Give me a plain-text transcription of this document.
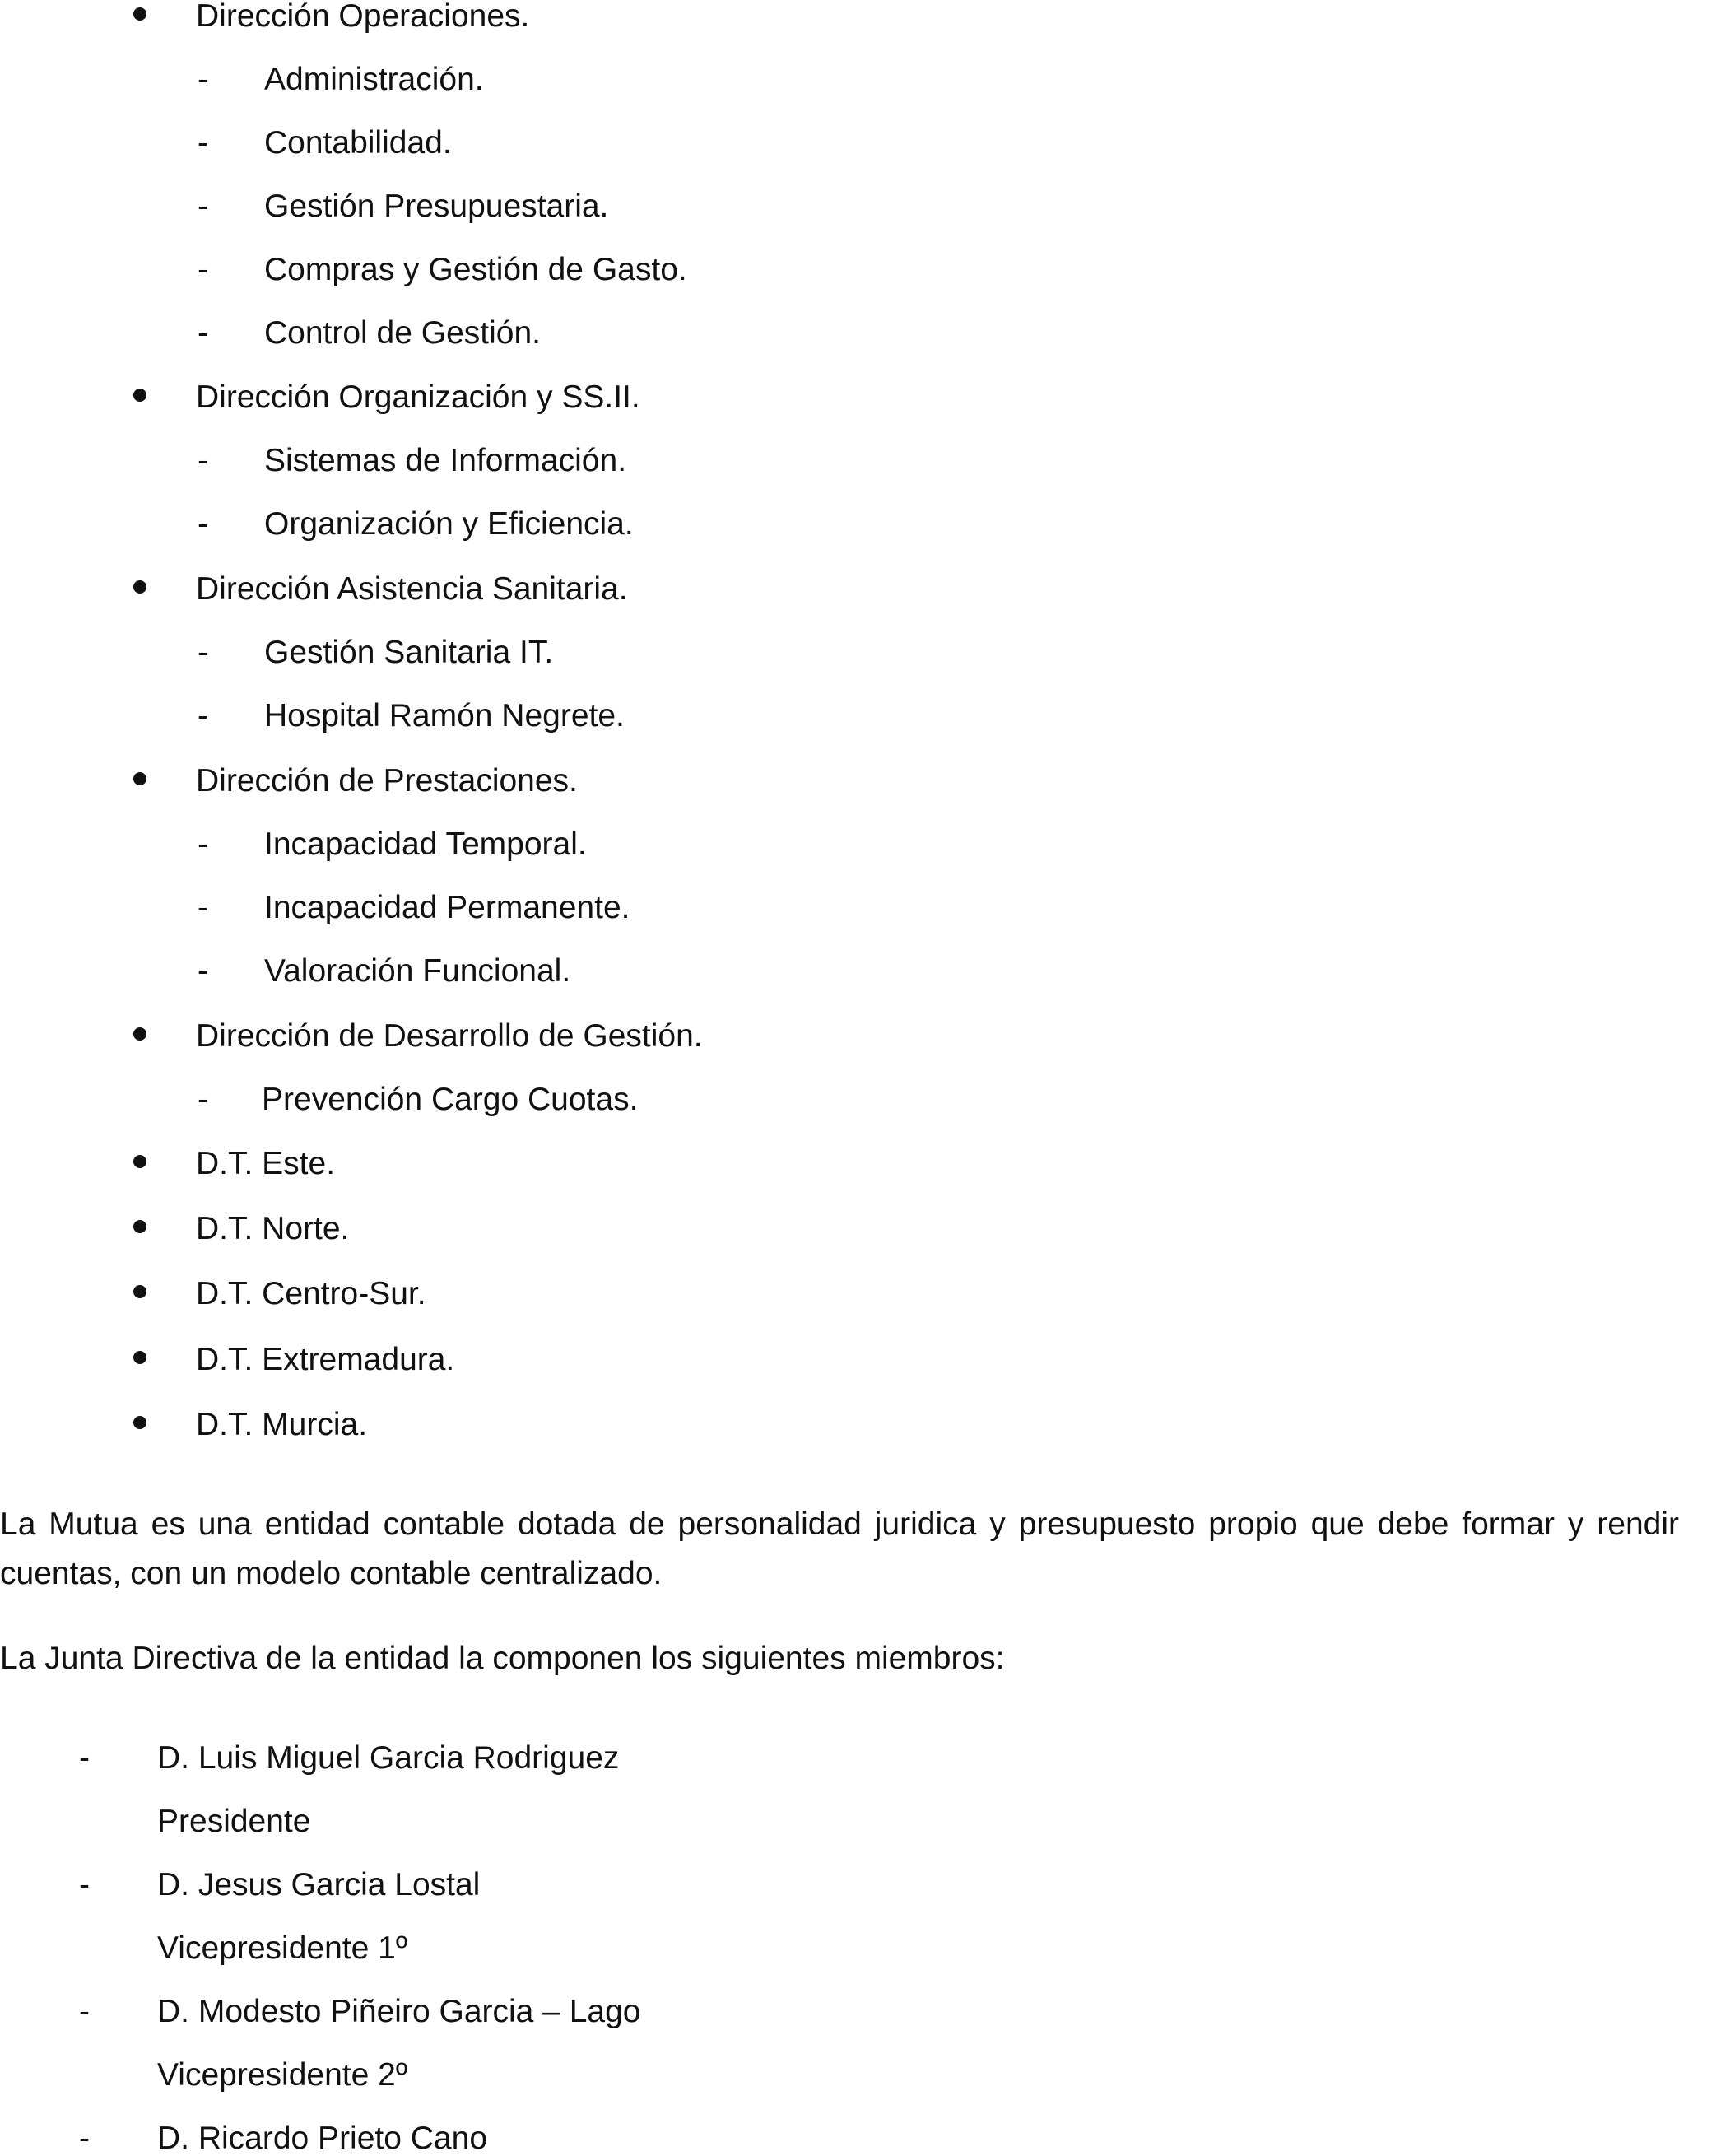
Dirección Operaciones.
- Administración.
- Contabilidad.
- Gestión Presupuestaria.
- Compras y Gestión de Gasto.
- Control de Gestión.
Dirección Organización y SS.II.
- Sistemas de Información.
- Organización y Eficiencia.
Dirección Asistencia Sanitaria.
- Gestión Sanitaria IT.
- Hospital Ramón Negrete.
Dirección de Prestaciones.
- Incapacidad Temporal.
- Incapacidad Permanente.
- Valoración Funcional.
Dirección de Desarrollo de Gestión.
- Prevención Cargo Cuotas.
D.T. Este.
D.T. Norte.
D.T. Centro-Sur.
D.T. Extremadura.
D.T. Murcia.

La Mutua es una entidad contable dotada de personalidad juridica y presupuesto propio que debe formar y rendir cuentas, con un modelo contable centralizado.

La Junta Directiva de la entidad la componen los siguientes miembros:

- D. Luis Miguel Garcia Rodriguez
Presidente
- D. Jesus Garcia Lostal
Vicepresidente 1º
- D. Modesto Piñeiro Garcia – Lago
Vicepresidente 2º
- D. Ricardo Prieto Cano
